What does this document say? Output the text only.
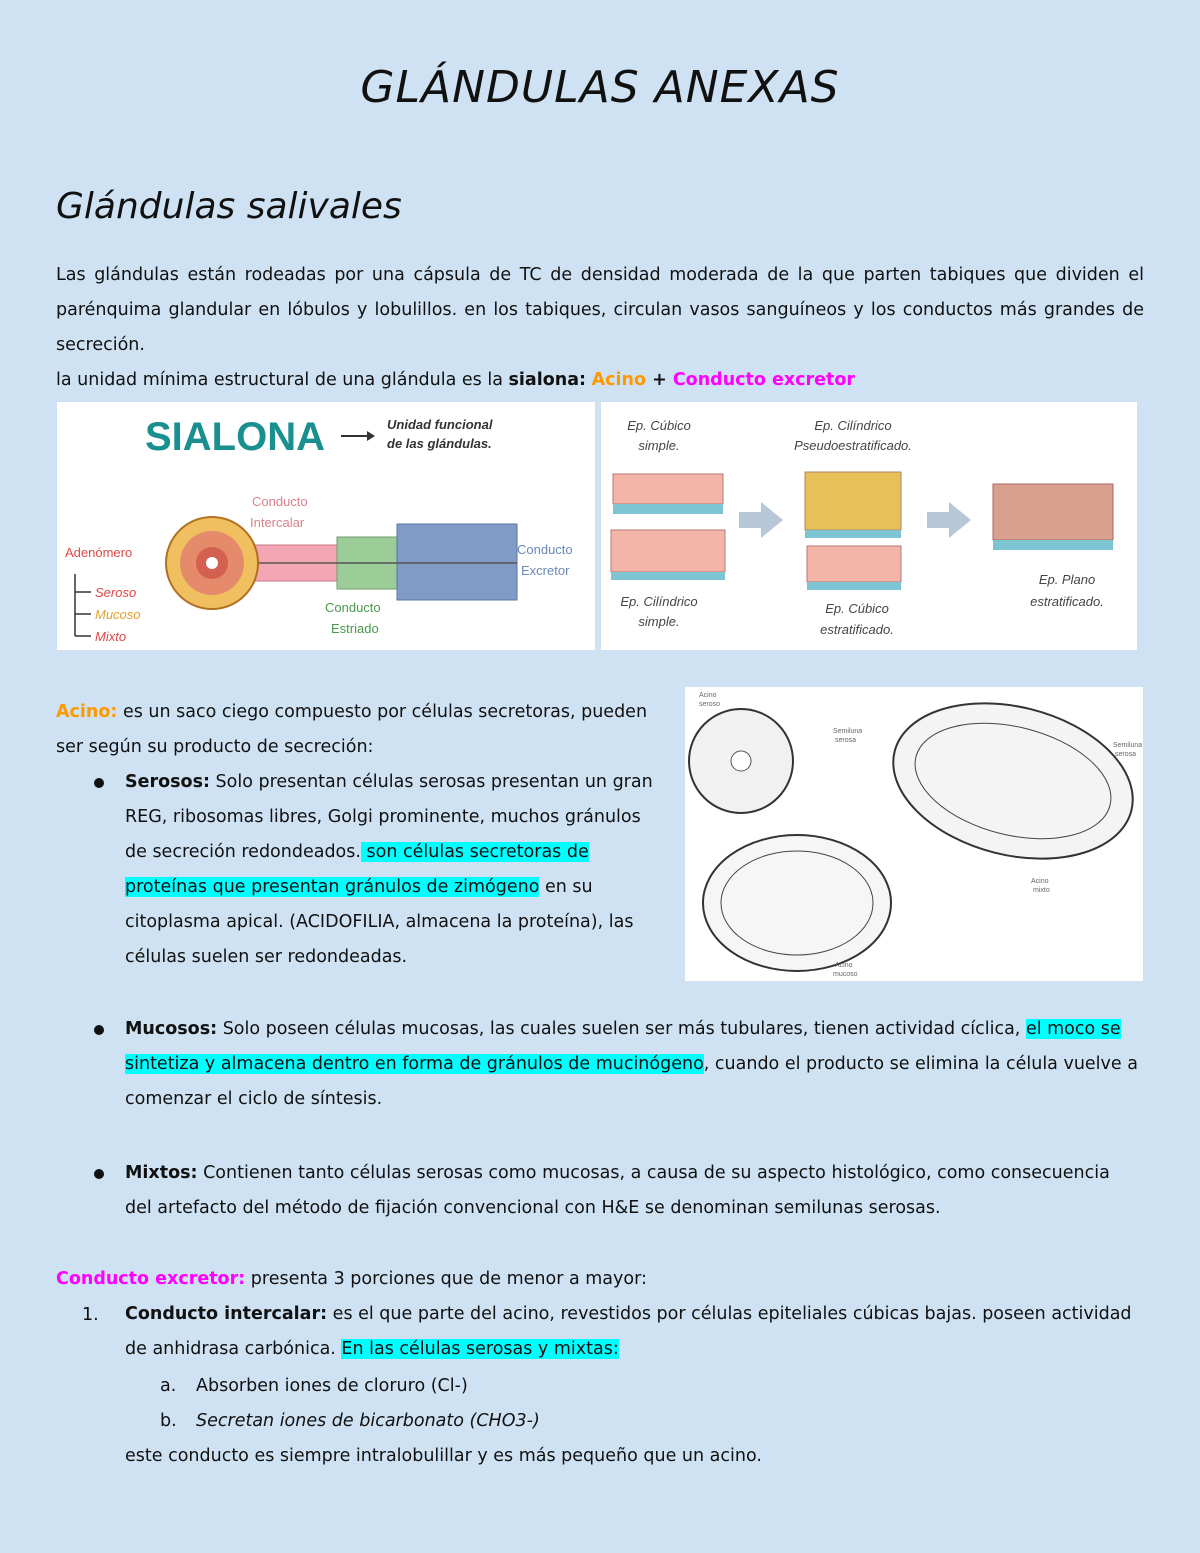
GLÁNDULAS ANEXAS
Glándulas salivales
Las glándulas están rodeadas por una cápsula de TC de densidad moderada de la que parten tabiques que dividen el parénquima glandular en lóbulos y lobulillos. en los tabiques, circulan vasos sanguíneos y los conductos más grandes de secreción.
la unidad mínima estructural de una glándula es la sialona: Acino + Conducto excretor
SIALONA	Unidad funcional
de las glándulas.
Conducto
Intercalar
Adenómero	Conducto
Excretor
Seroso
Mucoso
Mixto
Conducto
Estriado
Ep. Cúbico
simple.
Ep. Cilíndrico
Pseudoestratificado.
Ep. Cilíndrico
simple.
Ep. Cúbico
estratificado.
Ep. Plano
estratificado.
Acino
seroso
Semiluna
serosa
Semiluna
serosa
Acino
mixto
Acino
mucoso
Acino: es un saco ciego compuesto por células secretoras, pueden
ser según su producto de secreción:
Serosos: Solo presentan células serosas presentan un gran
REG, ribosomas libres, Golgi prominente, muchos gránulos
de secreción redondeados. son células secretoras de
proteínas que presentan gránulos de zimógeno en su
citoplasma apical. (ACIDOFILIA, almacena la proteína), las
células suelen ser redondeadas.
Mucosos: Solo poseen células mucosas, las cuales suelen ser más tubulares, tienen actividad cíclica, el moco se
sintetiza y almacena dentro en forma de gránulos de mucinógeno, cuando el producto se elimina la célula vuelve a
comenzar el ciclo de síntesis.
Mixtos: Contienen tanto células serosas como mucosas, a causa de su aspecto histológico, como consecuencia
del artefacto del método de fijación convencional con H&E se denominan semilunas serosas.
Conducto excretor: presenta 3 porciones que de menor a mayor:
1. Conducto intercalar: es el que parte del acino, revestidos por células epiteliales cúbicas bajas. poseen actividad
de anhidrasa carbónica. En las células serosas y mixtas:
a. Absorben iones de cloruro (Cl-)
b. Secretan iones de bicarbonato (CHO3-)
este conducto es siempre intralobulillar y es más pequeño que un acino.
